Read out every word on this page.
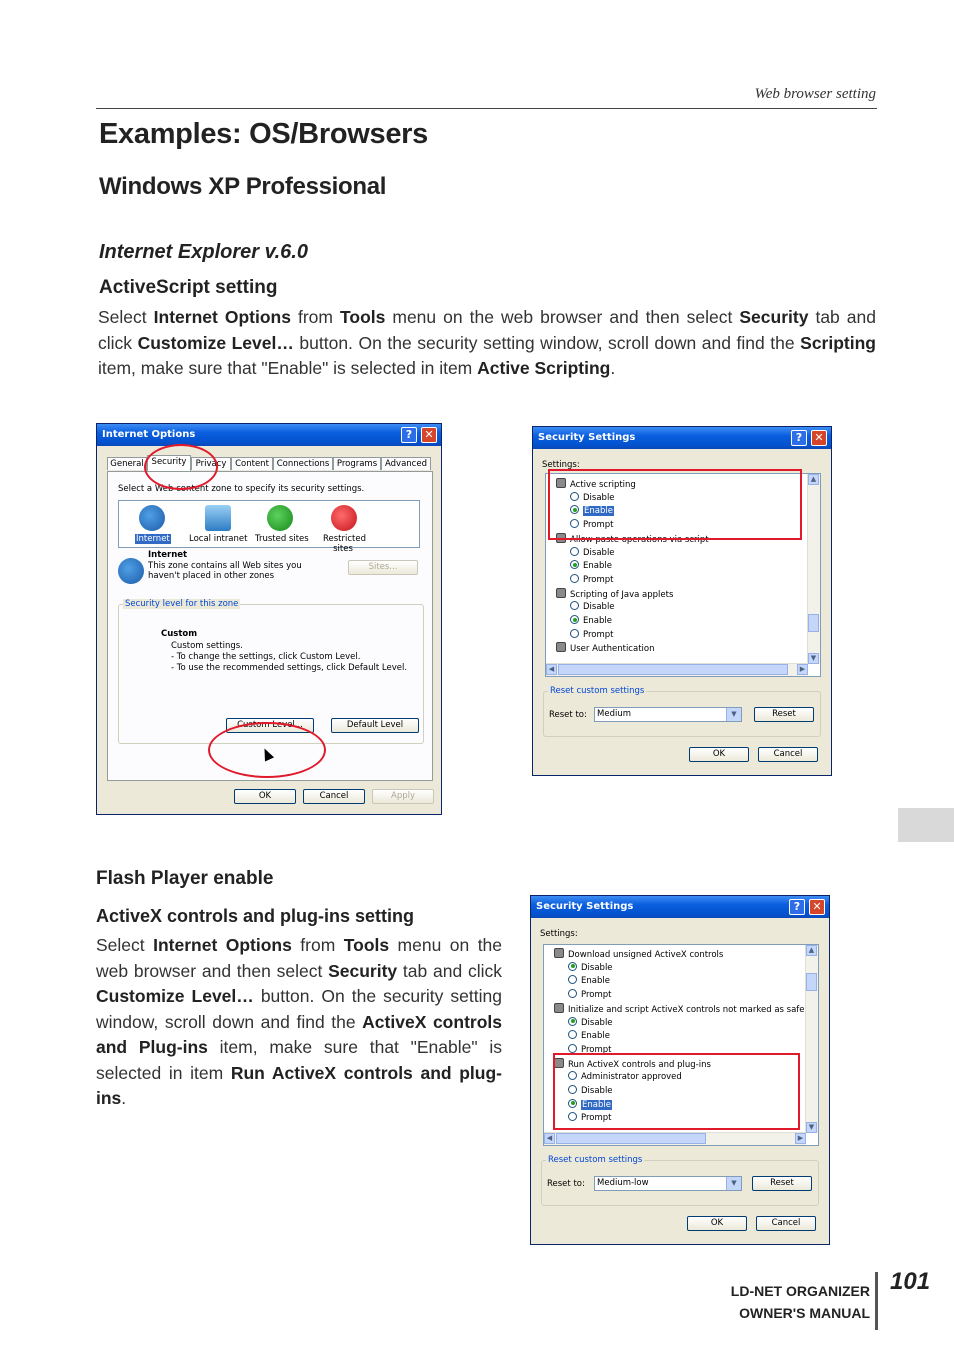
Web browser setting
Examples: OS/Browsers
Windows XP Professional
Internet Explorer v.6.0
ActiveScript setting
Select Internet Options from Tools menu on the web browser and then select Security tab and click Customize Level… button. On the security setting window, scroll down and find the Scripting item, make sure that "Enable" is selected in item Active Scripting.
Internet Options	?	✕
General Security	Privacy	Content Connections Programs Advanced
Select a Web content zone to specify its security settings.
Internet Local intranet Trusted sites Restricted sites
Internet
This zone contains all Web sites you
haven't placed in other zones
Sites...
Security level for this zone
Custom
Custom settings.
- To change the settings, click Custom Level.
- To use the recommended settings, click Default Level.
Custom Level...	Default Level
OK	Cancel	Apply
Security Settings	?	✕
Settings:
▲
▼
◀	▶
Active scripting
Disable
Enable
Prompt
Allow paste operations via script
Disable
Enable
Prompt
Scripting of Java applets
Disable
Enable
Prompt
User Authentication
Reset custom settings
Reset to:	Medium	▼	Reset
OK	Cancel
Flash Player enable
ActiveX controls and plug-ins setting
Select Internet Options from Tools menu on the web browser and then select Security tab and click Customize Level… button. On the security setting window, scroll down and find the ActiveX controls and Plug-ins item, make sure that "Enable" is selected in item Run ActiveX controls and plug-ins.
Security Settings	?	✕
Settings:
▲
▼
◀	▶
Download unsigned ActiveX controls
Disable
Enable
Prompt
Initialize and script ActiveX controls not marked as safe
Disable
Enable
Prompt
Run ActiveX controls and plug-ins
Administrator approved
Disable
Enable
Prompt
Reset custom settings
Reset to:	Medium-low	▼	Reset
OK	Cancel
LD-NET ORGANIZER
OWNER'S MANUAL
101
